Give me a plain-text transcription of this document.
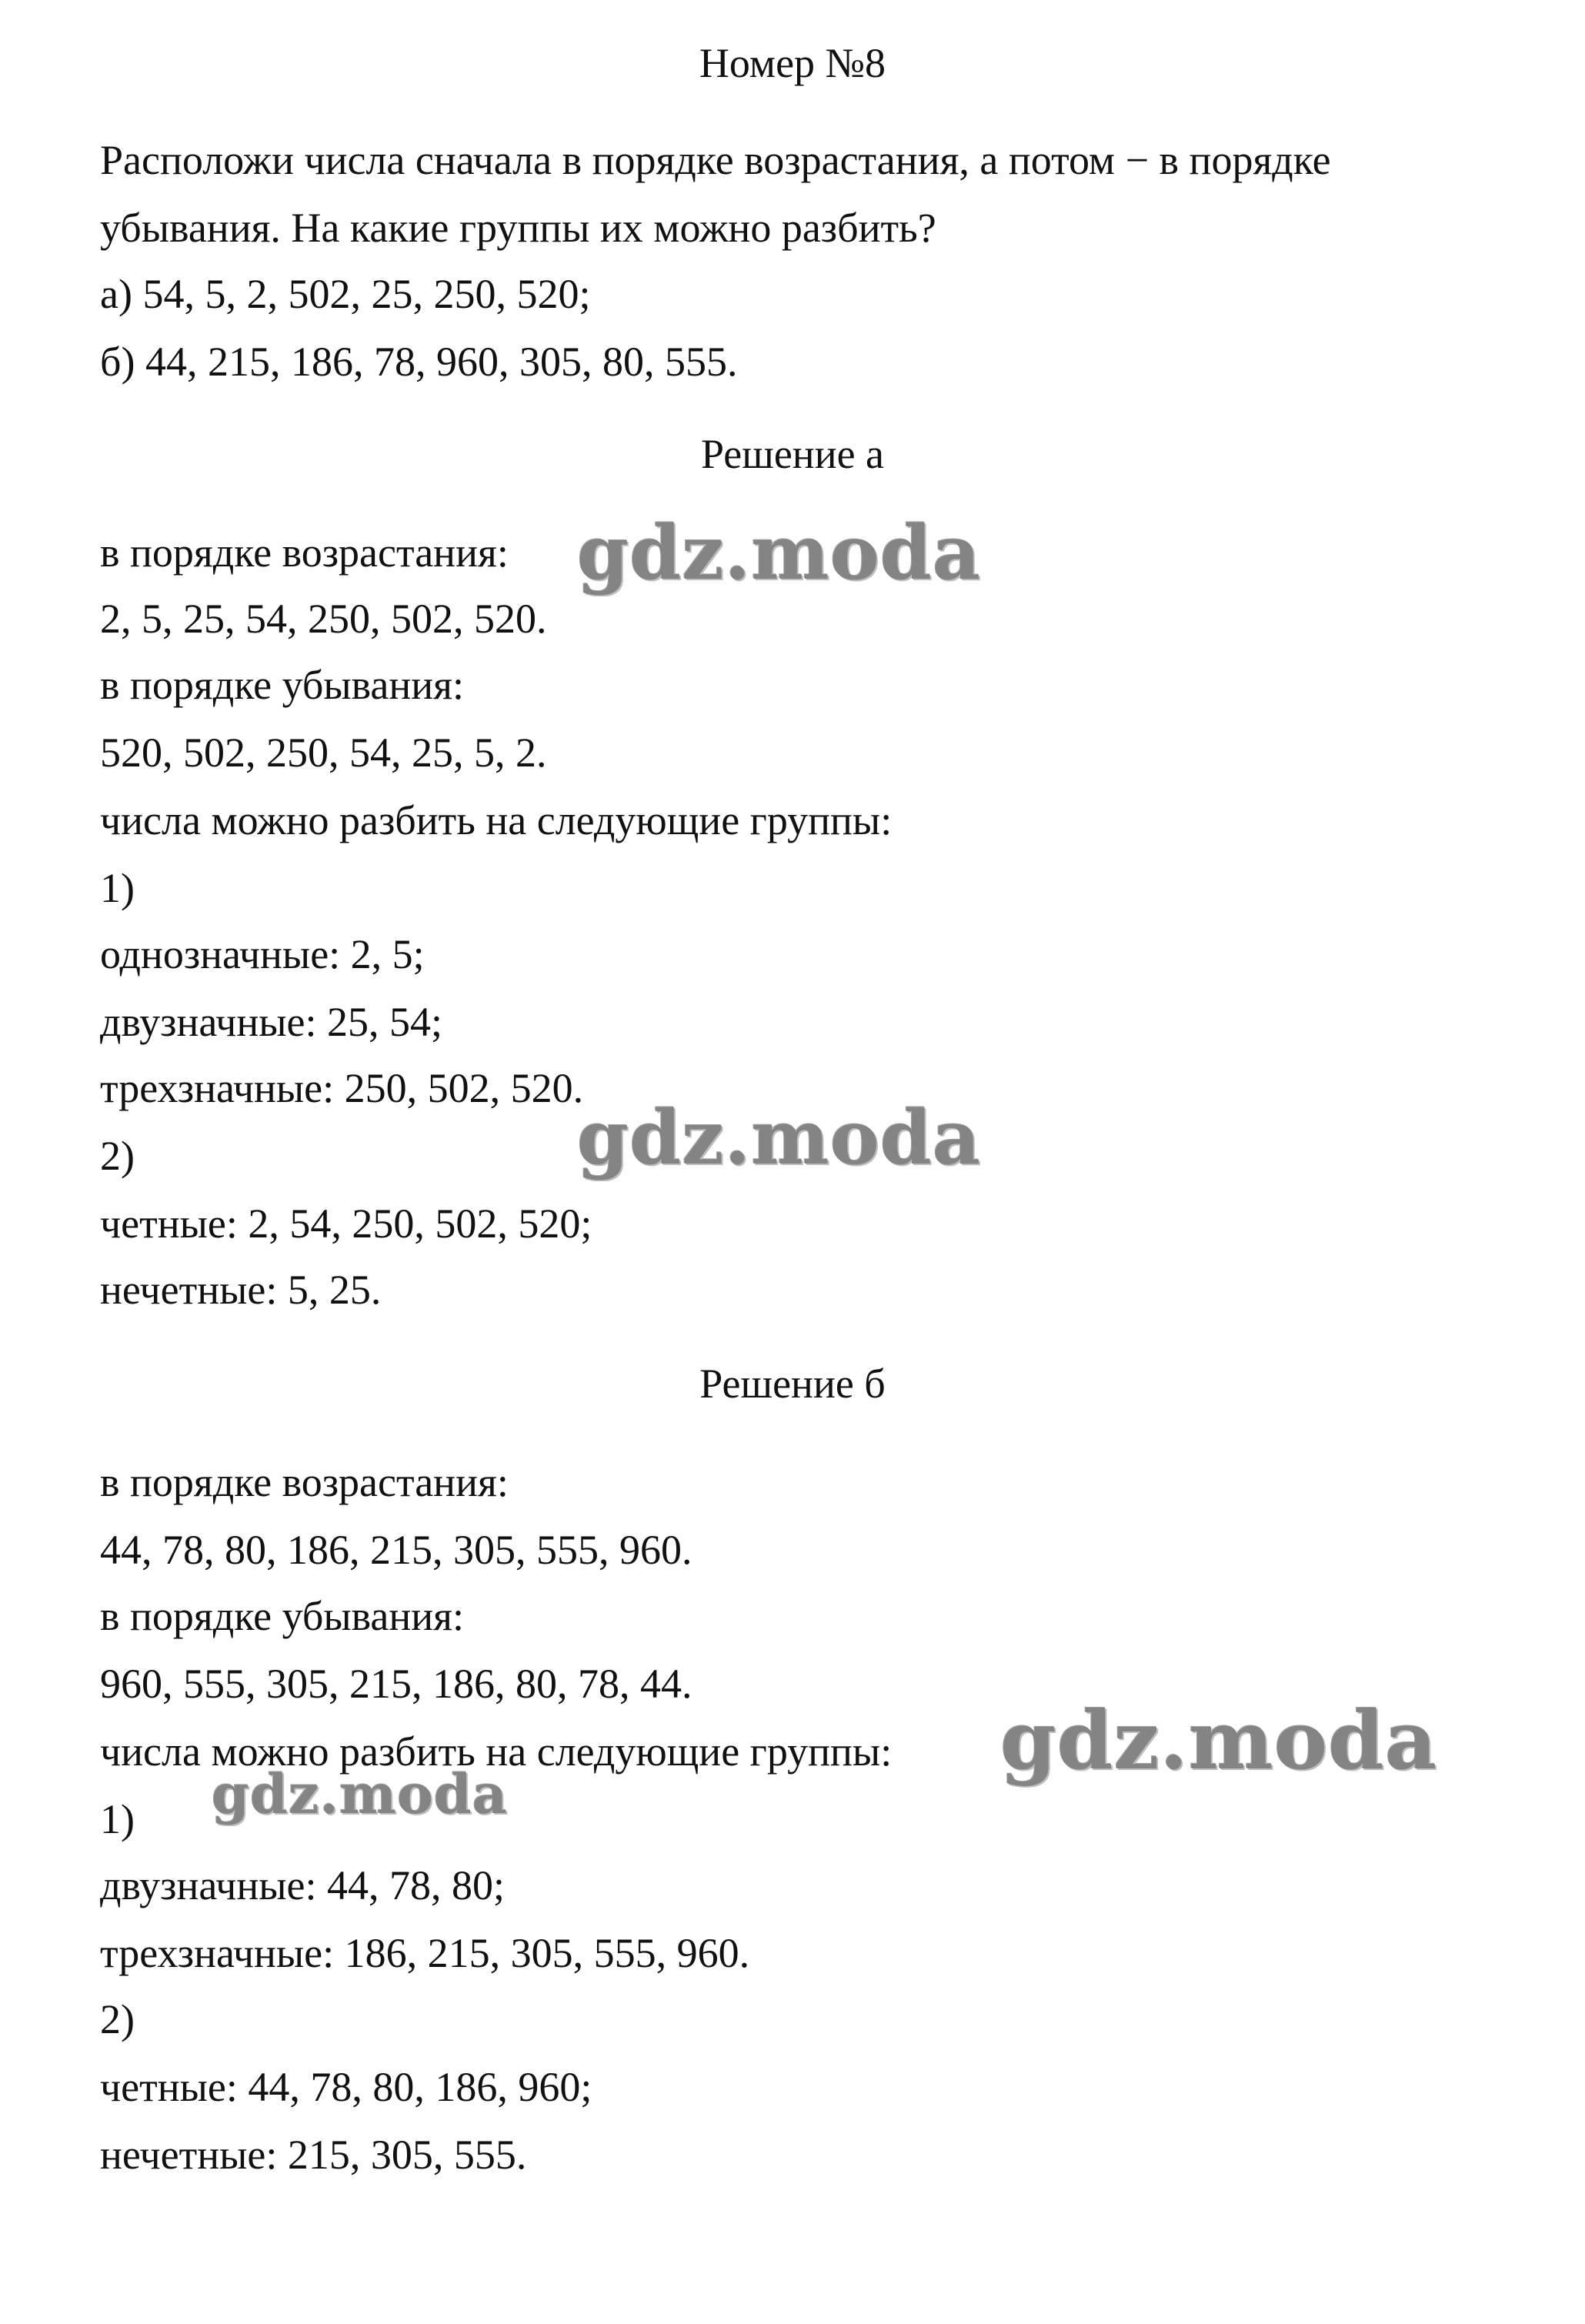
Номер №8
Расположи числа сначала в порядке возрастания, а потом − в порядке
убывания. На какие группы их можно разбить?
а) 54, 5, 2, 502, 25, 250, 520;
б) 44, 215, 186, 78, 960, 305, 80, 555.
Решение а
в порядке возрастания:
2, 5, 25, 54, 250, 502, 520.
в порядке убывания:
520, 502, 250, 54, 25, 5, 2.
числа можно разбить на следующие группы:
1)
однозначные: 2, 5;
двузначные: 25, 54;
трехзначные: 250, 502, 520.
2)
четные: 2, 54, 250, 502, 520;
нечетные: 5, 25.
Решение б
в порядке возрастания:
44, 78, 80, 186, 215, 305, 555, 960.
в порядке убывания:
960, 555, 305, 215, 186, 80, 78, 44.
числа можно разбить на следующие группы:
1)
двузначные: 44, 78, 80;
трехзначные: 186, 215, 305, 555, 960.
2)
четные: 44, 78, 80, 186, 960;
нечетные: 215, 305, 555.
gdz.moda
gdz.moda
gdz.moda
gdz.moda
